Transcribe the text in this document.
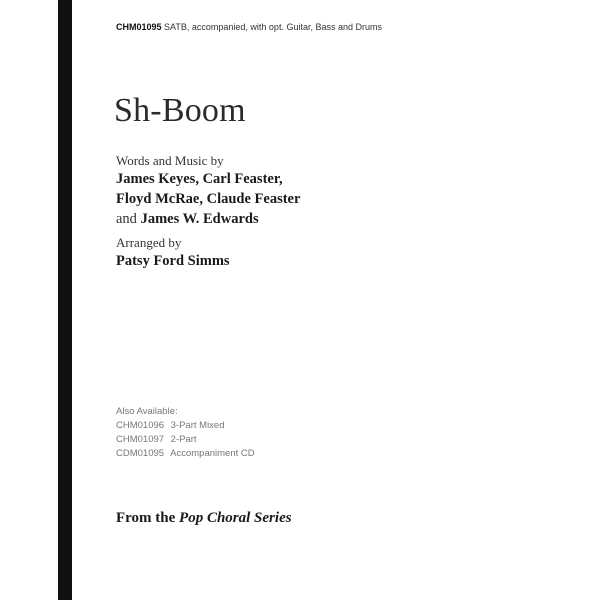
CHM01095 SATB, accompanied, with opt. Guitar, Bass and Drums
Sh-Boom
Words and Music by
James Keyes, Carl Feaster,
Floyd McRae, Claude Feaster
and James W. Edwards
Arranged by
Patsy Ford Simms
Also Available:
CHM01096 3-Part Mixed
CHM01097 2-Part
CDM01095 Accompaniment CD
From the Pop Choral Series
